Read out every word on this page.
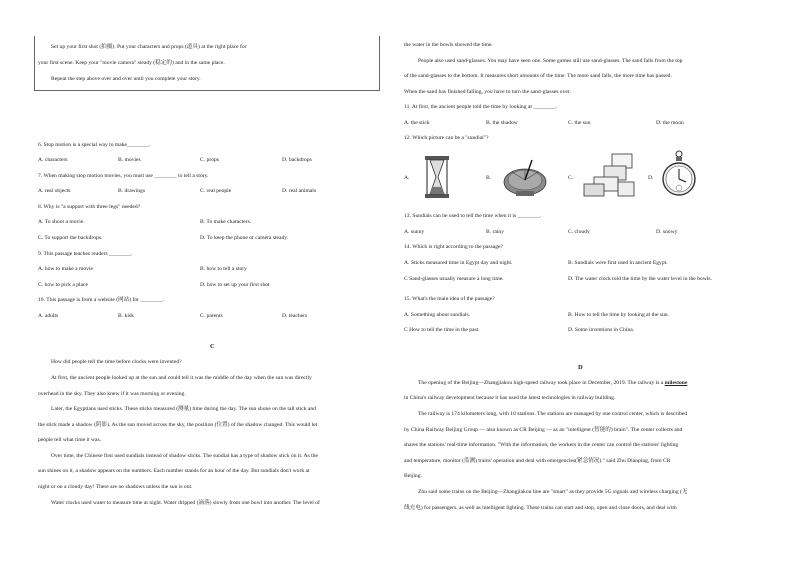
Set up your first shot (拍摄). Put your characters and props (道具) at the right place for
your first scene. Keep your "movie camera" steady (稳定的) and in the same place.
Repeat the step above over and over until you complete your story.
6. Stop motion is a special way to make________.
A. characters	B. movies	C. props	D. backdrops
7. When making stop motion movies, you must use ________ to tell a story.
A. real objects	B. drawings	C. real people	D. real animals
8. Why is "a support with three legs" needed?
A. To shoot a movie.	B. To make characters.
C. To support the backdrops.	D. To keep the phone or camera steady.
9. This passage teaches readers ________.
A. how to make a movie	B. how to tell a story
C. how to pick a place	D. how to set up your first shot
10. This passage is from a website (网站) for ________.
A. adults	B. kids	C. parents	D. teachers
C
How did people tell the time before clocks were invented?
At first, the ancient people looked up at the sun and could tell it was the middle of the day when the sun was directly
overhead in the sky. They also knew if it was morning or evening.
Later, the Egyptians used sticks. These sticks measured (测量) time during the day. The sun shone on the tall stick and
the stick made a shadow (阴影). As the sun moved across the sky, the position (位置) of the shadow changed. This would let
people tell what time it was.
Over time, the Chinese first used sundials instead of shadow sticks. The sundial has a type of shadow stick on it. As the
sun shines on it, a shadow appears on the numbers. Each number stands for an hour of the day. But sundials don't work at
night or on a cloudy day! There are no shadows unless the sun is out.
Water clocks used water to measure time at night. Water dripped (滴落) slowly from one bowl into another. The level of
the water in the bowls showed the time.
People also used sand-glasses. You may have seen one. Some games still use sand-glasses. The sand falls from the top
of the sand-glasses to the bottom. It measures short amounts of the time. The more sand falls, the more time has passed.
When the sand has finished falling, you have to turn the sand-glasses over.
11. At first, the ancient people told the time by looking at ________.
A. the stick	B. the shadow	C. the sun	D. the moon
12. Which picture can be a "sundial"?
A.	B.	C.	D.
13. Sundials can be used to tell the time when it is ________.
A. sunny	B. rainy	C. cloudy	D. snowy
14. Which is right according to the passage?
A. Sticks measured time in Egypt day and night.	B. Sundials were first used in ancient Egypt.
C Sand-glasses usually measure a long time.	D. The water clock told the time by the water level in the bowls.
15. What's the main idea of the passage?
A. Something about sundials.	B. How to tell the time by looking at the sun.
C How to tell the time in the past.	D. Some inventions in China.
D
The opening of the Beijing—Zhangjiakou high-speed railway took place in December, 2019. The railway is a milestone
in China's railway development because it has used the latest technologies in railway building.
The railway is 174 kilometers long, with 10 stations. The stations are managed by one control center, which is described
by China Railway Beijing Group — also known as CR Beijing — as an "intelligent (智能的) brain". The center collects and
shares the stations' real-time information. "With the information, the workers in the center can control the stations' lighting
and temperature, monitor (监测) trains' operation and deal with emergencies(紧急情况)." said Zhu Dianping, from CR
Beijing.
Zhu said some trains on the Beijing—Zhangjiakou line are "smart" as they provide 5G signals and wireless charging (无
线充电) for passengers, as well as intelligent lighting. These trains can start and stop, open and close doors, and deal with
